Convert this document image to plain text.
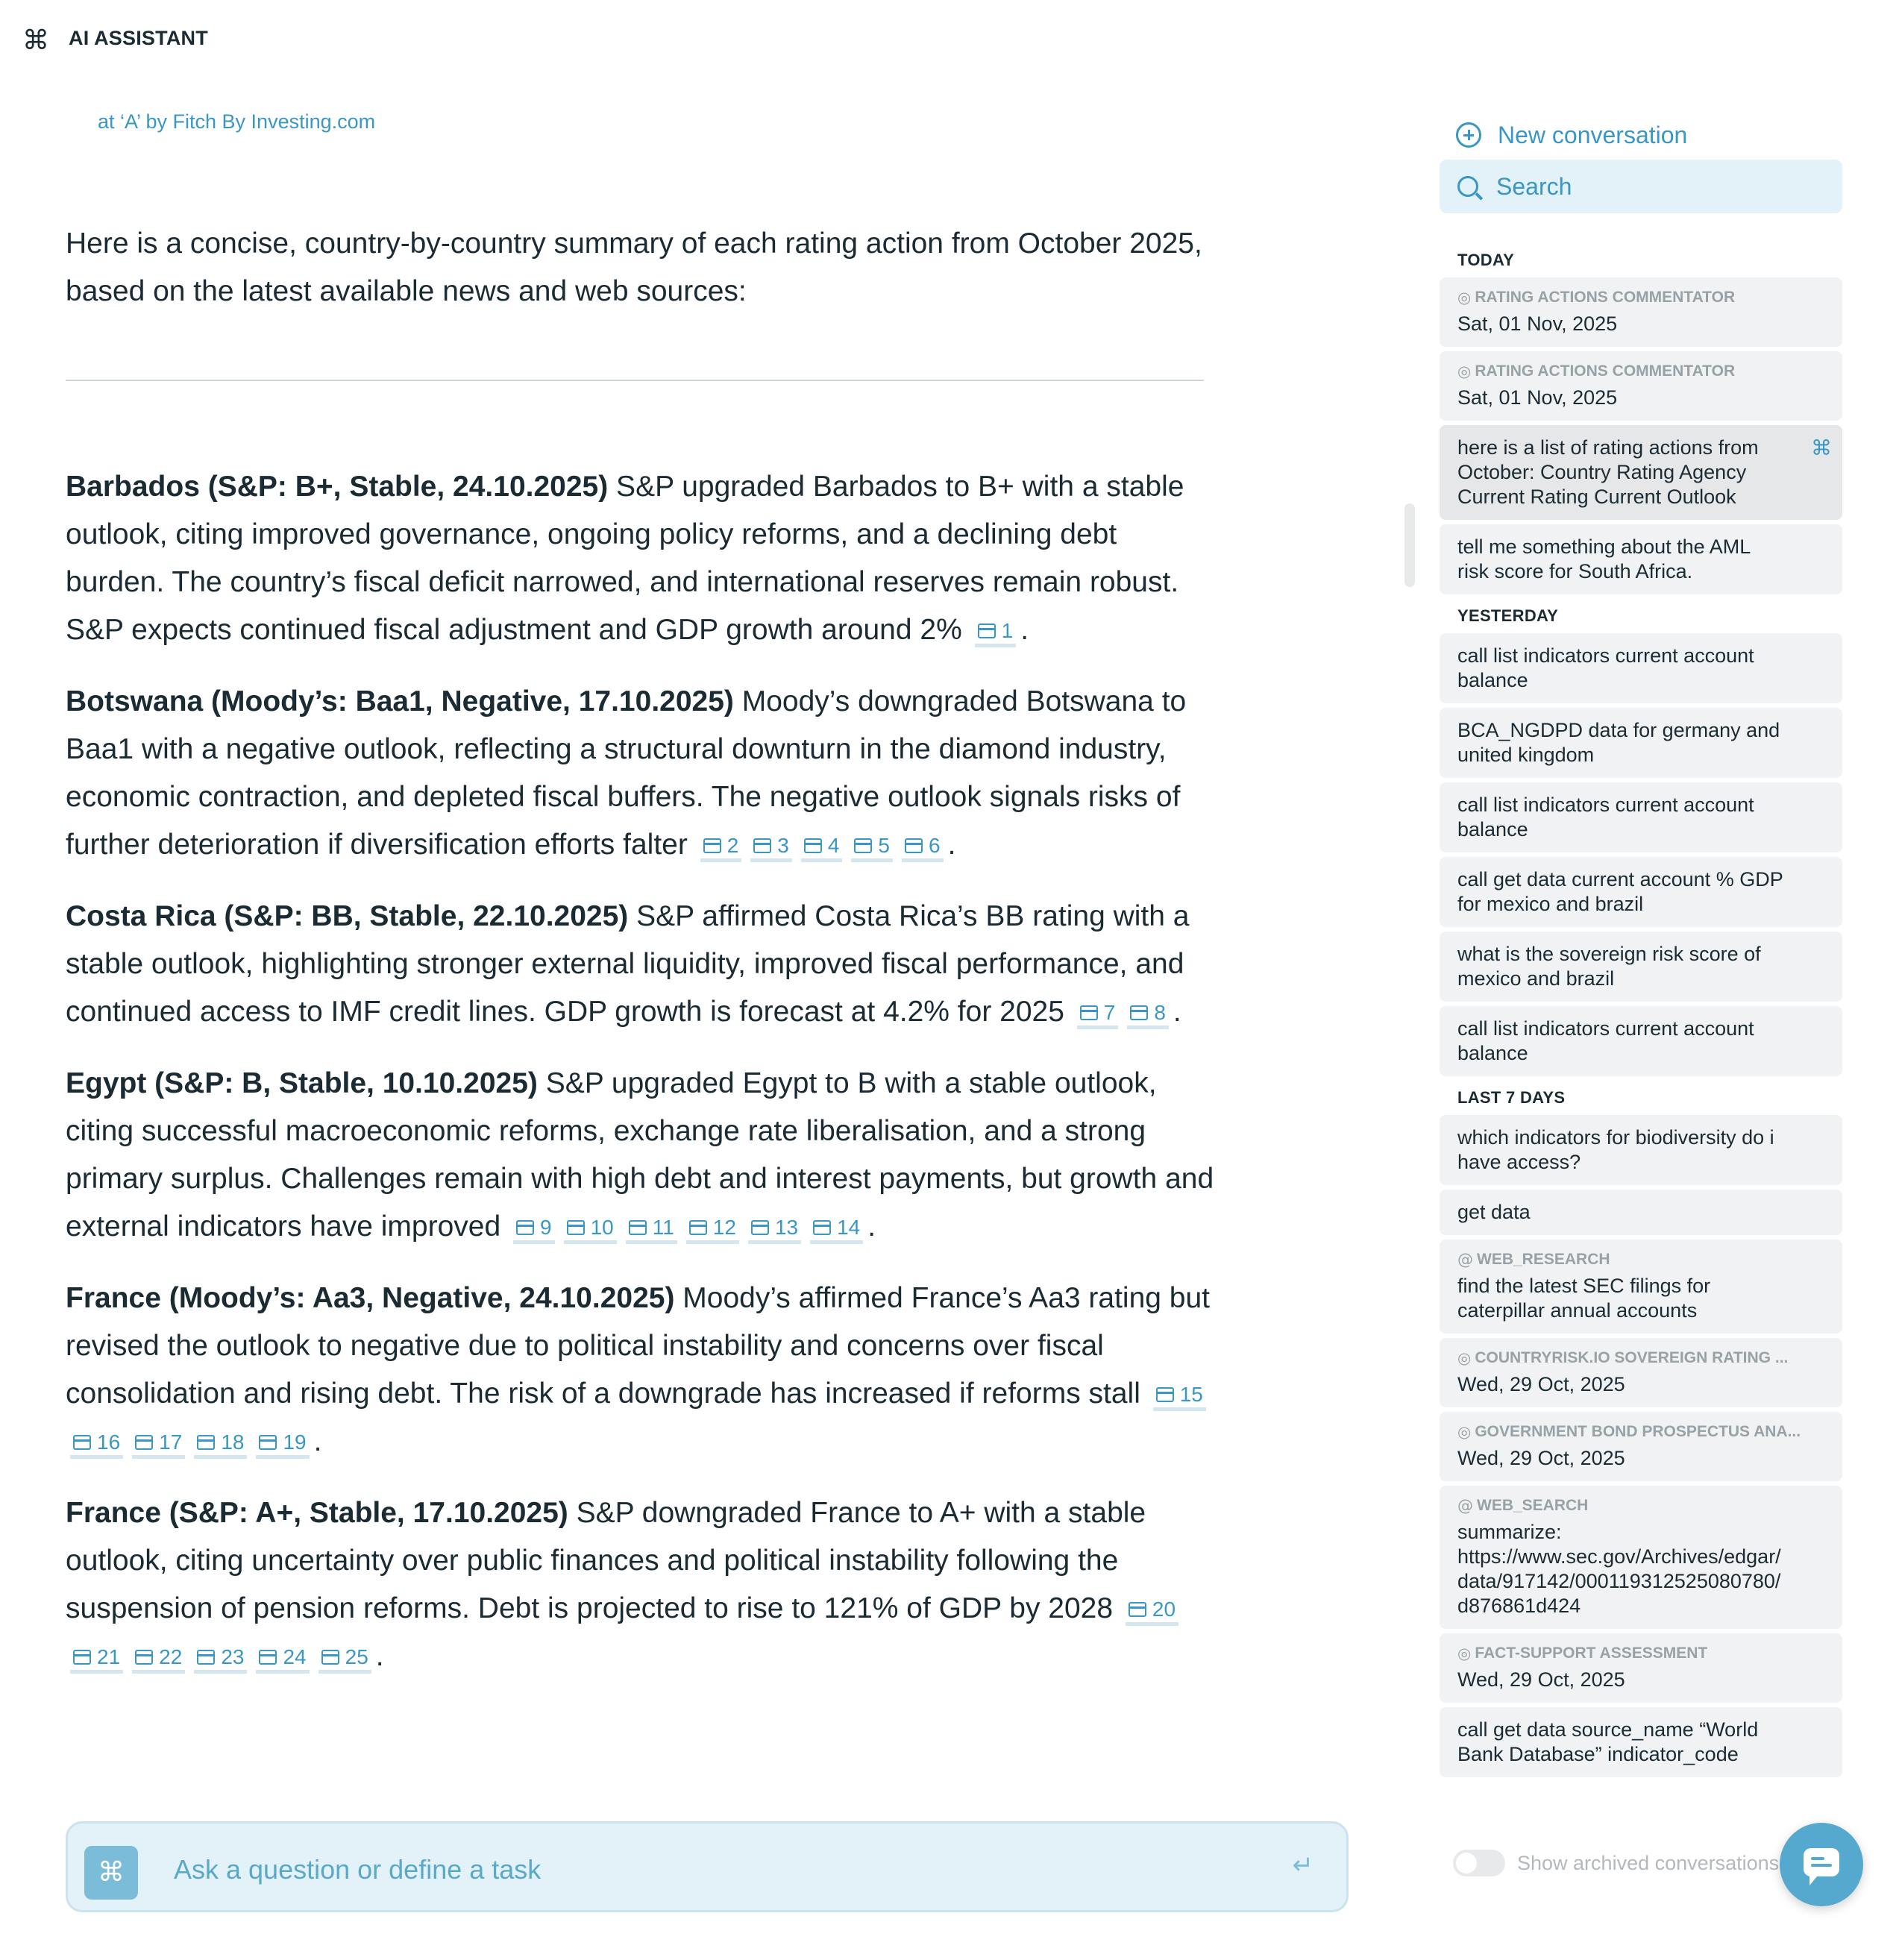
⌘ AI ASSISTANT
at ‘A’ by Fitch By Investing.com

Here is a concise, country-by-country summary of each rating action from October 2025, based on the latest available news and web sources:

Barbados (S&P: B+, Stable, 24.10.2025) S&P upgraded Barbados to B+ with a stable outlook, citing improved governance, ongoing policy reforms, and a declining debt burden. The country’s fiscal deficit narrowed, and international reserves remain robust. S&P expects continued fiscal adjustment and GDP growth around 2% 1 .

Botswana (Moody’s: Baa1, Negative, 17.10.2025) Moody’s downgraded Botswana to Baa1 with a negative outlook, reflecting a structural downturn in the diamond industry, economic contraction, and depleted fiscal buffers. The negative outlook signals risks of further deterioration if diversification efforts falter 2 3 4 5 6 .

Costa Rica (S&P: BB, Stable, 22.10.2025) S&P affirmed Costa Rica’s BB rating with a stable outlook, highlighting stronger external liquidity, improved fiscal performance, and continued access to IMF credit lines. GDP growth is forecast at 4.2% for 2025 7 8 .

Egypt (S&P: B, Stable, 10.10.2025) S&P upgraded Egypt to B with a stable outlook, citing successful macroeconomic reforms, exchange rate liberalisation, and a strong primary surplus. Challenges remain with high debt and interest payments, but growth and external indicators have improved 9 10 11 12 13 14 .

France (Moody’s: Aa3, Negative, 24.10.2025) Moody’s affirmed France’s Aa3 rating but revised the outlook to negative due to political instability and concerns over fiscal consolidation and rising debt. The risk of a downgrade has increased if reforms stall 1516 17 18 19 .

France (S&P: A+, Stable, 17.10.2025) S&P downgraded France to A+ with a stable outlook, citing uncertainty over public finances and political instability following the suspension of pension reforms. Debt is projected to rise to 121% of GDP by 2028 2021 22 23 24 25 .

⌘
Ask a question or define a task	↵
New conversation
Search
TODAY
◎ RATING ACTIONS COMMENTATOR
Sat, 01 Nov, 2025
◎ RATING ACTIONS COMMENTATOR
Sat, 01 Nov, 2025
here is a list of rating actions from October: Country Rating Agency Current Rating Current Outlook
⌘
tell me something about the AML risk score for South Africa.
YESTERDAY
call list indicators current account balance
BCA_NGDPD data for germany and united kingdom
call list indicators current account balance
call get data current account % GDP for mexico and brazil
what is the sovereign risk score of mexico and brazil
call list indicators current account balance
LAST 7 DAYS
which indicators for biodiversity do i have access?
get data
@ WEB_RESEARCH
find the latest SEC filings for caterpillar annual accounts
◎ COUNTRYRISK.IO SOVEREIGN RATING ...
Wed, 29 Oct, 2025
◎ GOVERNMENT BOND PROSPECTUS ANA...
Wed, 29 Oct, 2025
@ WEB_SEARCH
summarize: https://www.sec.gov/Archives/edgar/data/917142/000119312525080780/d876861d424
◎ FACT-SUPPORT ASSESSMENT
Wed, 29 Oct, 2025
call get data source_name “World Bank Database” indicator_code
Show archived conversations
